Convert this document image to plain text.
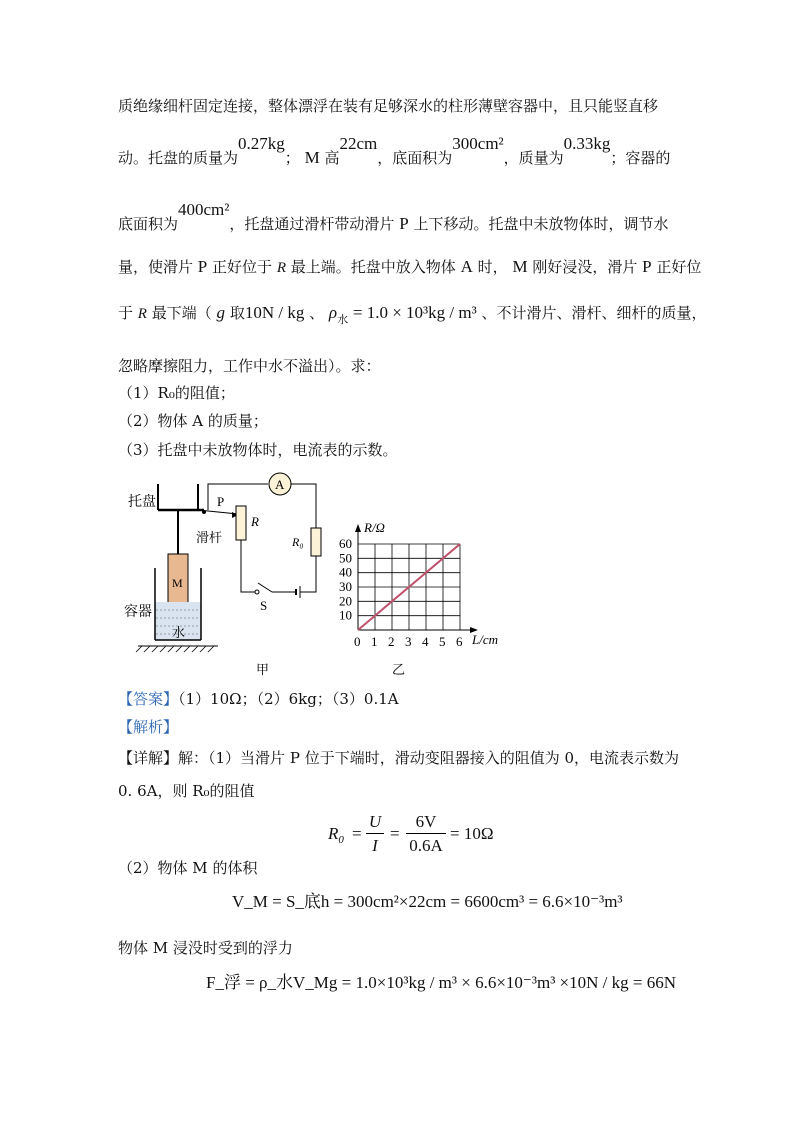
质绝缘细杆固定连接，整体漂浮在装有足够深水的柱形薄壁容器中，且只能竖直移
动。托盘的质量为0.27kg； M 高22cm，底面积为300cm²，质量为0.33kg；容器的
底面积为400cm²，托盘通过滑杆带动滑片 P 上下移动。托盘中未放物体时，调节水
量，使滑片 P 正好位于 R 最上端。托盘中放入物体 A 时， M 刚好浸没，滑片 P 正好位
于 R 最下端（ g 取10N / kg 、 $\rho_水 = 1.0 \times 10^3kg / m^3$ 、不计滑片、滑杆、细杆的质量，
忽略摩擦阻力，工作中水不溢出）。求：
（1）R₀的阻值；
（2）物体 A 的质量；
（3）托盘中未放物体时，电流表的示数。
托盘
滑杆
P
R
A
R₀
S
M
水
容器
甲
0 1 2 3 4 5 6
10
20
30
40
50
60
R/Ω
L/cm
乙
【答案】（1）10Ω；（2）6kg；（3）0.1A
【解析】
【详解】解：（1）当滑片 P 位于下端时，滑动变阻器接入的阻值为 0，电流表示数为
0. 6A，则 R₀的阻值
$R_0$ =
U
I
=
6V
0.6A
= 10Ω
（2）物体 M 的体积
V_M = S_底h = 300cm²×22cm = 6600cm³ = 6.6×10⁻³m³
物体 M 浸没时受到的浮力
F_浮 = ρ_水V_Mg = 1.0×10³kg / m³ × 6.6×10⁻³m³ ×10N / kg = 66N
